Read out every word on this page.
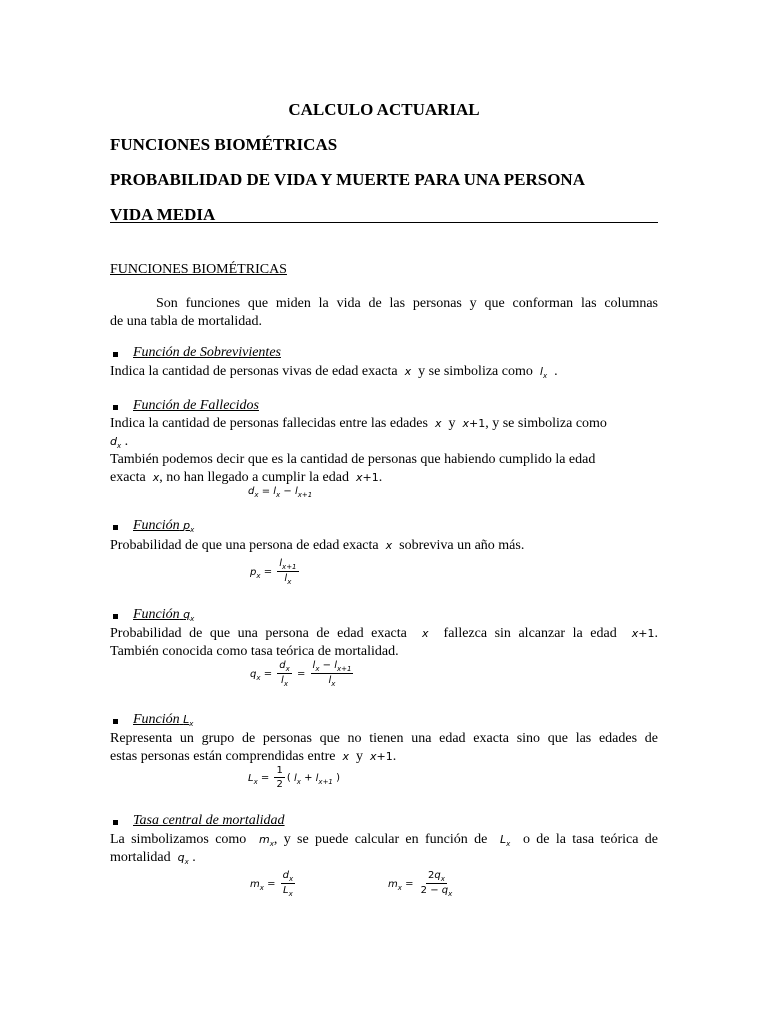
CALCULO ACTUARIAL
FUNCIONES BIOMÉTRICAS
PROBABILIDAD DE VIDA Y MUERTE PARA UNA PERSONA
VIDA MEDIA
FUNCIONES BIOMÉTRICAS
Son funciones que miden la vida de las personas y que conforman las columnas
de una tabla de mortalidad.
Función de Sobrevivientes
Indica la cantidad de personas vivas de edad exacta  x  y se simboliza como  $l_x$ .
Función de Fallecidos
Indica la cantidad de personas fallecidas entre las edades  x  y  x+1, y se simboliza como
$d_x$ .
También podemos decir que es la cantidad de personas que habiendo cumplido la edad
exacta  x, no han llegado a cumplir la edad  x+1.
$d_x = l_x - l_{x+1}$
Función $p_x$
Probabilidad de que una persona de edad exacta  x  sobreviva un año más.
$p_x = \frac{l_{x+1}}{l_x}$
Función $q_x$
Probabilidad de que una persona de edad exacta  x  fallezca sin alcanzar la edad  x+1.
También conocida como tasa teórica de mortalidad.
$q_x = \frac{d_x}{l_x} = \frac{l_x - l_{x+1}}{l_x}$
Función $L_x$
Representa un grupo de personas que no tienen una edad exacta sino que las edades de
estas personas están comprendidas entre  x  y  x+1.
$L_x = \frac{1}{2}$ ( $l_x + l_{x+1}$ )
Tasa central de mortalidad
La simbolizamos como  $m_x$, y se puede calcular en función de  $L_x$ o de la tasa teórica de
mortalidad  $q_x$ .
$m_x = \frac{d_x}{L_x}$	$m_x = \frac{2q_x}{2 - q_x}$
